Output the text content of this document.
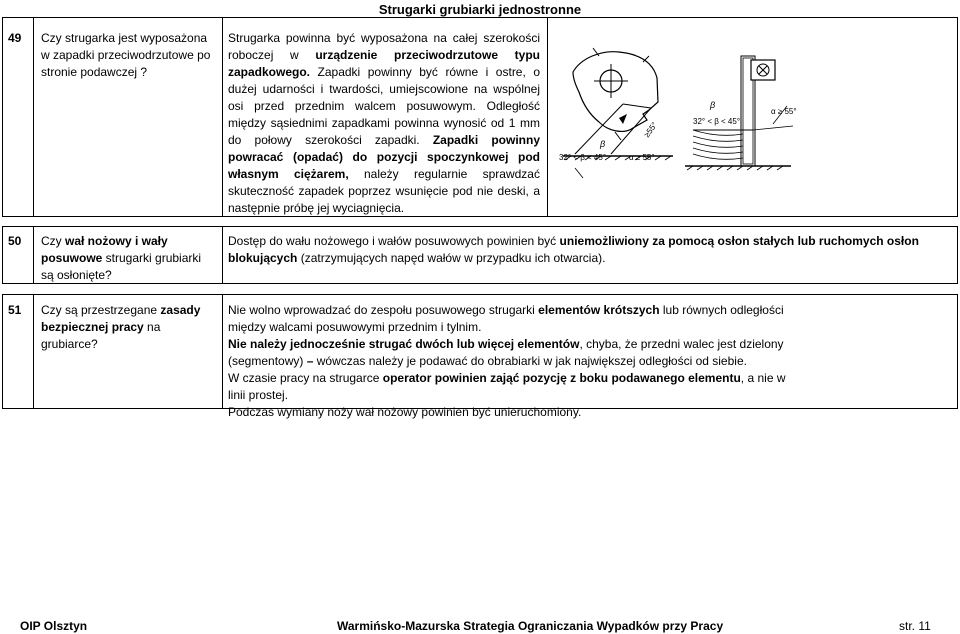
Strugarki grubiarki jednostronne
49 Czy strugarka jest wyposażona w zapadki przeciwodrzutowe po stronie podawczej ?
Strugarka powinna być wyposażona na całej szerokości roboczej w urządzenie przeciwodrzutowe typu zapadkowego. Zapadki powinny być równe i ostre, o dużej udarności i twardości, umiejscowione na wspólnej osi przed przednim walcem posuwowym. Odległość między sąsiednimi zapadkami powinna wynosić od 1 mm do połowy szerokości zapadki. Zapadki powinny powracać (opadać) do pozycji spoczynkowej pod własnym ciężarem, należy regularnie sprawdzać skuteczność zapadek poprzez wsunięcie pod nie deski, a następnie próbę jej wyciagnięcia.
β
≥55°
32° < β < 45°	α ≥ 55°
β
32° < β < 45°
α ≥ 55°
50 Czy wał nożowy i wały posuwowe strugarki grubiarki są osłonięte?
Dostęp do wału nożowego i wałów posuwowych powinien być uniemożliwiony za pomocą osłon stałych lub ruchomych osłon blokujących (zatrzymujących napęd wałów w przypadku ich otwarcia).
51 Czy są przestrzegane zasady bezpiecznej pracy na grubiarce?
Nie wolno wprowadzać do zespołu posuwowego strugarki elementów krótszych lub równych odległości między walcami posuwowymi przednim i tylnim.
Nie należy jednocześnie strugać dwóch lub więcej elementów, chyba, że przedni walec jest dzielony (segmentowy) – wówczas należy je podawać do obrabiarki w jak największej odległości od siebie.
W czasie pracy na strugarce operator powinien zająć pozycję z boku podawanego elementu, a nie w linii prostej.
Podczas wymiany noży wał nożowy powinien być unieruchomiony.
OIP Olsztyn	Warmińsko-Mazurska Strategia Ograniczania Wypadków przy Pracy	str. 11
